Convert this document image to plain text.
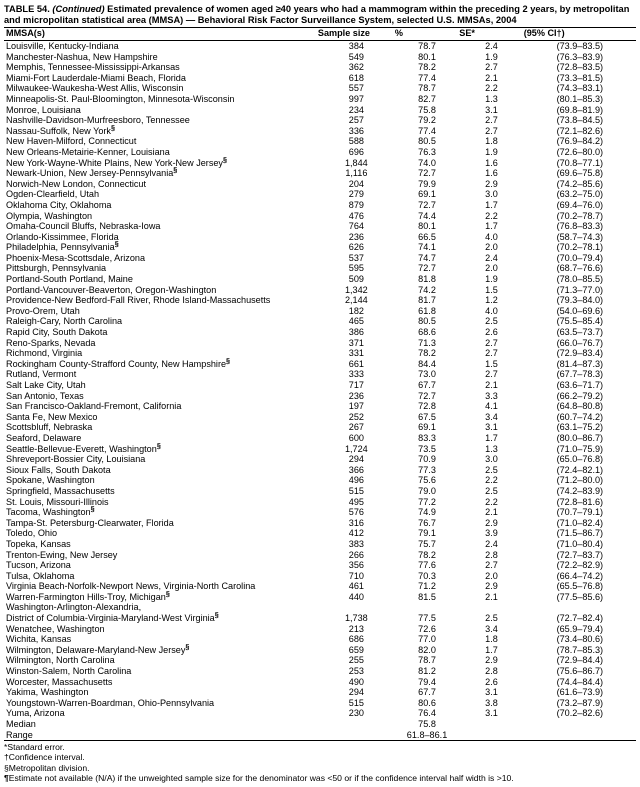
TABLE 54. (Continued) Estimated prevalence of women aged ≥40 years who had a mammogram within the preceding 2 years, by metropolitan and micropolitan statistical area (MMSA) — Behavioral Risk Factor Surveillance System, selected U.S. MMSAs, 2004
MMSA(s)	Sample size	%	SE*	(95% CI†)
Louisville, Kentucky-Indiana	384	78.7	2.4	(73.9–83.5)
Manchester-Nashua, New Hampshire	549	80.1	1.9	(76.3–83.9)
Memphis, Tennessee-Mississippi-Arkansas	362	78.2	2.7	(72.8–83.5)
Miami-Fort Lauderdale-Miami Beach, Florida	618	77.4	2.1	(73.3–81.5)
Milwaukee-Waukesha-West Allis, Wisconsin	557	78.7	2.2	(74.3–83.1)
Minneapolis-St. Paul-Bloomington, Minnesota-Wisconsin	997	82.7	1.3	(80.1–85.3)
Monroe, Louisiana	234	75.8	3.1	(69.8–81.9)
Nashville-Davidson-Murfreesboro, Tennessee	257	79.2	2.7	(73.8–84.5)
Nassau-Suffolk, New York§	336	77.4	2.7	(72.1–82.6)
New Haven-Milford, Connecticut	588	80.5	1.8	(76.9–84.2)
New Orleans-Metairie-Kenner, Louisiana	696	76.3	1.9	(72.6–80.0)
New York-Wayne-White Plains, New York-New Jersey§	1,844	74.0	1.6	(70.8–77.1)
Newark-Union, New Jersey-Pennsylvania§	1,116	72.7	1.6	(69.6–75.8)
Norwich-New London, Connecticut	204	79.9	2.9	(74.2–85.6)
Ogden-Clearfield, Utah	279	69.1	3.0	(63.2–75.0)
Oklahoma City, Oklahoma	879	72.7	1.7	(69.4–76.0)
Olympia, Washington	476	74.4	2.2	(70.2–78.7)
Omaha-Council Bluffs, Nebraska-Iowa	764	80.1	1.7	(76.8–83.3)
Orlando-Kissimmee, Florida	236	66.5	4.0	(58.7–74.3)
Philadelphia, Pennsylvania§	626	74.1	2.0	(70.2–78.1)
Phoenix-Mesa-Scottsdale, Arizona	537	74.7	2.4	(70.0–79.4)
Pittsburgh, Pennsylvania	595	72.7	2.0	(68.7–76.6)
Portland-South Portland, Maine	509	81.8	1.9	(78.0–85.5)
Portland-Vancouver-Beaverton, Oregon-Washington	1,342	74.2	1.5	(71.3–77.0)
Providence-New Bedford-Fall River, Rhode Island-Massachusetts	2,144	81.7	1.2	(79.3–84.0)
Provo-Orem, Utah	182	61.8	4.0	(54.0–69.6)
Raleigh-Cary, North Carolina	465	80.5	2.5	(75.5–85.4)
Rapid City, South Dakota	386	68.6	2.6	(63.5–73.7)
Reno-Sparks, Nevada	371	71.3	2.7	(66.0–76.7)
Richmond, Virginia	331	78.2	2.7	(72.9–83.4)
Rockingham County-Strafford County, New Hampshire§	661	84.4	1.5	(81.4–87.3)
Rutland, Vermont	333	73.0	2.7	(67.7–78.3)
Salt Lake City, Utah	717	67.7	2.1	(63.6–71.7)
San Antonio, Texas	236	72.7	3.3	(66.2–79.2)
San Francisco-Oakland-Fremont, California	197	72.8	4.1	(64.8–80.8)
Santa Fe, New Mexico	252	67.5	3.4	(60.7–74.2)
Scottsbluff, Nebraska	267	69.1	3.1	(63.1–75.2)
Seaford, Delaware	600	83.3	1.7	(80.0–86.7)
Seattle-Bellevue-Everett, Washington§	1,724	73.5	1.3	(71.0–75.9)
Shreveport-Bossier City, Louisiana	294	70.9	3.0	(65.0–76.8)
Sioux Falls, South Dakota	366	77.3	2.5	(72.4–82.1)
Spokane, Washington	496	75.6	2.2	(71.2–80.0)
Springfield, Massachusetts	515	79.0	2.5	(74.2–83.9)
St. Louis, Missouri-Illinois	495	77.2	2.2	(72.8–81.6)
Tacoma, Washington§	576	74.9	2.1	(70.7–79.1)
Tampa-St. Petersburg-Clearwater, Florida	316	76.7	2.9	(71.0–82.4)
Toledo, Ohio	412	79.1	3.9	(71.5–86.7)
Topeka, Kansas	383	75.7	2.4	(71.0–80.4)
Trenton-Ewing, New Jersey	266	78.2	2.8	(72.7–83.7)
Tucson, Arizona	356	77.6	2.7	(72.2–82.9)
Tulsa, Oklahoma	710	70.3	2.0	(66.4–74.2)
Virginia Beach-Norfolk-Newport News, Virginia-North Carolina	461	71.2	2.9	(65.5–76.8)
Warren-Farmington Hills-Troy, Michigan§	440	81.5	2.1	(77.5–85.6)
Washington-Arlington-Alexandria,				
District of Columbia-Virginia-Maryland-West Virginia§	1,738	77.5	2.5	(72.7–82.4)
Wenatchee, Washington	213	72.6	3.4	(65.9–79.4)
Wichita, Kansas	686	77.0	1.8	(73.4–80.6)
Wilmington, Delaware-Maryland-New Jersey§	659	82.0	1.7	(78.7–85.3)
Wilmington, North Carolina	255	78.7	2.9	(72.9–84.4)
Winston-Salem, North Carolina	253	81.2	2.8	(75.6–86.7)
Worcester, Massachusetts	490	79.4	2.6	(74.4–84.4)
Yakima, Washington	294	67.7	3.1	(61.6–73.9)
Youngstown-Warren-Boardman, Ohio-Pennsylvania	515	80.6	3.8	(73.2–87.9)
Yuma, Arizona	230	76.4	3.1	(70.2–82.6)
Median		75.8		
Range		61.8–86.1		
*Standard error.
†Confidence interval.
§Metropolitan division.
¶Estimate not available (N/A) if the unweighted sample size for the denominator was <50 or if the confidence interval half width is >10.
